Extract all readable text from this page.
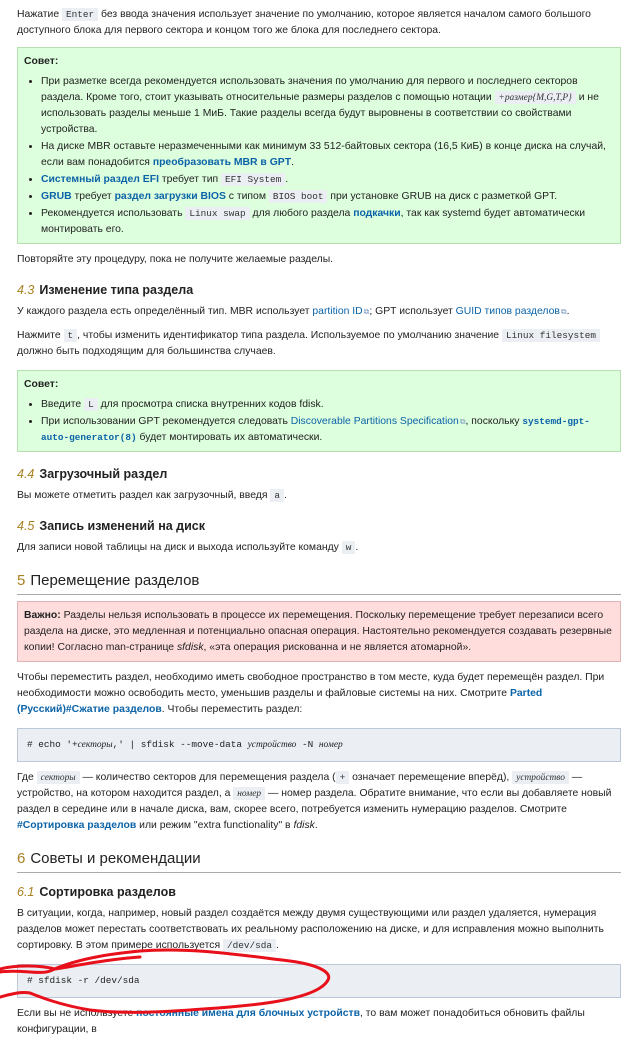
Нажатие Enter без ввода значения использует значение по умолчанию, которое является началом самого большого доступного блока для первого сектора и концом того же блока для последнего сектора.

Совет:
• При разметке всегда рекомендуется использовать значения по умолчанию для первого и последнего секторов раздела. Кроме того, стоит указывать относительные размеры разделов с помощью нотации +размер{M,G,T,P} и не использовать разделы меньше 1 МиБ. Такие разделы всегда будут выровнены в соответствии со свойствами устройства.
• На диске MBR оставьте неразмеченными как минимум 33 512-байтовых сектора (16,5 КиБ) в конце диска на случай, если вам понадобится преобразовать MBR в GPT.
• Системный раздел EFI требует тип EFI System .
• GRUB требует раздел загрузки BIOS с типом BIOS boot при установке GRUB на диск с разметкой GPT.
• Рекомендуется использовать Linux swap для любого раздела подкачки, так как systemd будет автоматически монтировать его.

Повторяйте эту процедуру, пока не получите желаемые разделы.

4.3 Изменение типа раздела

У каждого раздела есть определённый тип. MBR использует partition ID ⧉ ; GPT использует GUID типов разделов ⧉ .

Нажмите t , чтобы изменить идентификатор типа раздела. Используемое по умолчанию значение Linux filesystem должно быть подходящим для большинства случаев.

Совет:
• Введите L для просмотра списка внутренних кодов fdisk.
• При использовании GPT рекомендуется следовать Discoverable Partitions Specification ⧉ , поскольку systemd-gpt-auto-generator(8) будет монтировать их автоматически.
4.4 Загрузочный раздел

Вы можете отметить раздел как загрузочный, введя a .

4.5 Запись изменений на диск

Для записи новой таблицы на диск и выхода используйте команду w .

5 Перемещение разделов

Важно: Разделы нельзя использовать в процессе их перемещения. Поскольку перемещение требует перезаписи всего раздела на диске, это медленная и потенциально опасная операция. Настоятельно рекомендуется создавать резервные копии! Согласно man-странице sfdisk, «эта операция рискованна и не является атомарной».

Чтобы переместить раздел, необходимо иметь свободное пространство в том месте, куда будет перемещён раздел. При необходимости можно освободить место, уменьшив разделы и файловые системы на них. Смотрите Parted (Русский)#Сжатие разделов. Чтобы переместить раздел:

# echo '+секторы,' | sfdisk --move-data устройство -N номер

Где секторы — количество секторов для перемещения раздела ( + означает перемещение вперёд), устройство — устройство, на котором находится раздел, а номер — номер раздела. Обратите внимание, что если вы добавляете новый раздел в середине или в начале диска, вам, скорее всего, потребуется изменить нумерацию разделов. Смотрите #Сортировка разделов или режим "extra functionality" в fdisk.

6 Советы и рекомендации
6.1 Сортировка разделов

В ситуации, когда, например, новый раздел создаётся между двумя существующими или раздел удаляется, нумерация разделов может перестать соответствовать их реальному расположению на диске, и для исправления можно выполнить сортировку. В этом примере используется /dev/sda .

# sfdisk -r /dev/sda

Если вы не используете постоянные имена для блочных устройств, то вам может понадобиться обновить файлы конфигурации, в
